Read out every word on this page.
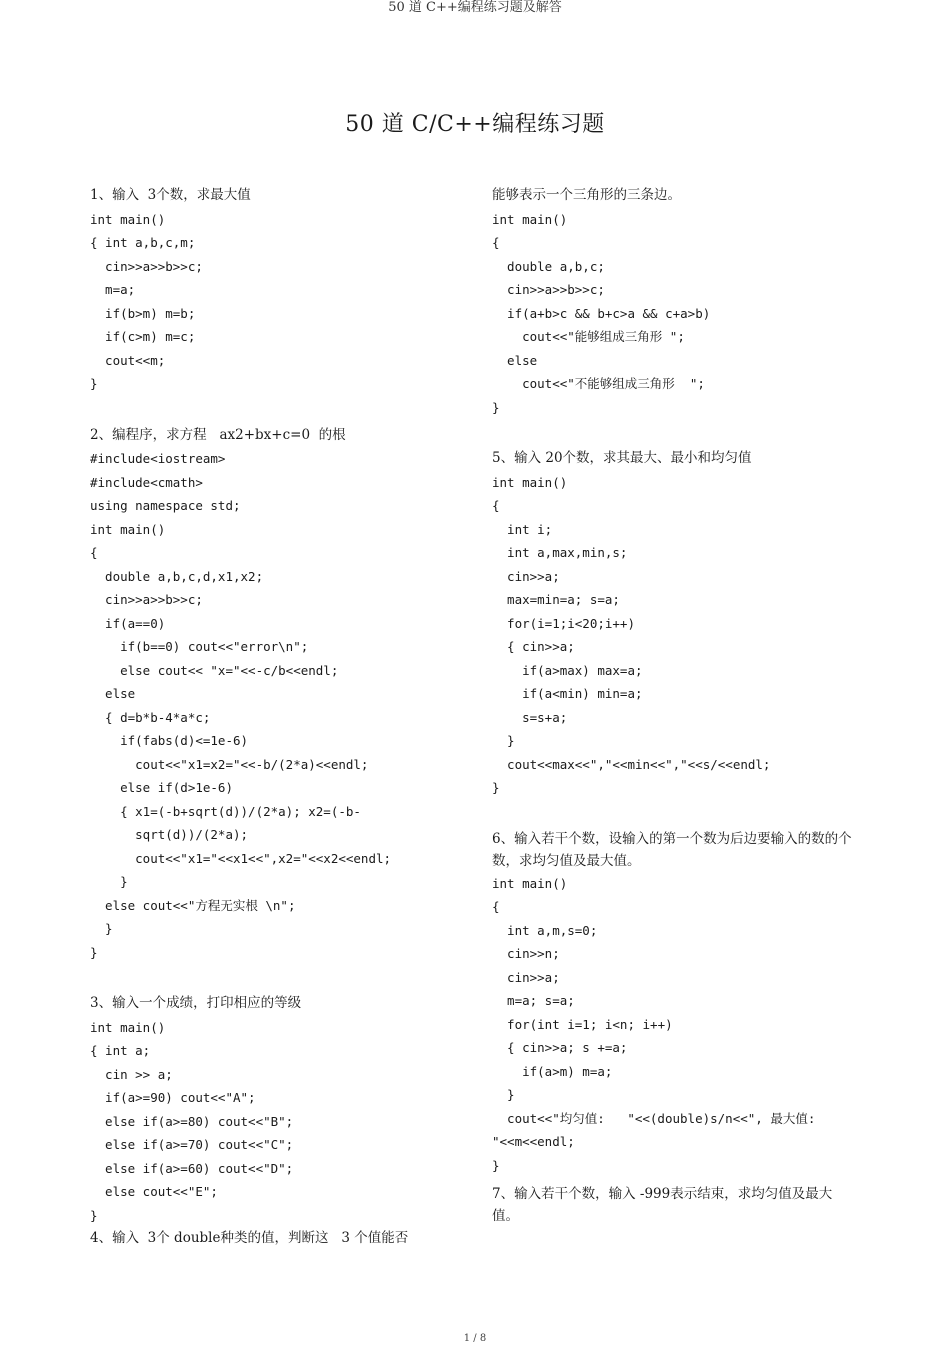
50 道 C++编程练习题及解答
50 道 C/C++编程练习题
1、输入  3个数，求最大值
int main()
{ int a,b,c,m;
cin>>a>>b>>c;
m=a;
if(b>m) m=b;
if(c>m) m=c;
cout<<m;
}
2、编程序，求方程   ax2+bx+c=0  的根
#include<iostream>
#include<cmath>
using namespace std;
int main()
{
double a,b,c,d,x1,x2;
cin>>a>>b>>c;
if(a==0)
if(b==0) cout<<"error\n";
else cout<< "x="<<-c/b<<endl;
else
{ d=b*b-4*a*c;
if(fabs(d)<=1e-6)
cout<<"x1=x2="<<-b/(2*a)<<endl;
else if(d>1e-6)
{ x1=(-b+sqrt(d))/(2*a); x2=(-b-
sqrt(d))/(2*a);
cout<<"x1="<<x1<<",x2="<<x2<<endl;
}
else cout<<"方程无实根 \n";
}
}
3、输入一个成绩，打印相应的等级
int main()
{ int a;
cin >> a;
if(a>=90) cout<<"A";
else if(a>=80) cout<<"B";
else if(a>=70) cout<<"C";
else if(a>=60) cout<<"D";
else cout<<"E";
}
4、输入  3个 double种类的值，判断这   3 个值能否
能够表示一个三角形的三条边。
int main()
{
double a,b,c;
cin>>a>>b>>c;
if(a+b>c && b+c>a && c+a>b)
cout<<"能够组成三角形 ";
else
cout<<"不能够组成三角形  ";
}
5、输入 20个数，求其最大、最小和均匀值
int main()
{
int i;
int a,max,min,s;
cin>>a;
max=min=a; s=a;
for(i=1;i<20;i++)
{ cin>>a;
if(a>max) max=a;
if(a<min) min=a;
s=s+a;
}
cout<<max<<","<<min<<","<<s/<<endl;
}
6、输入若干个数，设输入的第一个数为后边要输入的数的个数，求均匀值及最大值。
int main()
{
int a,m,s=0;
cin>>n;
cin>>a;
m=a; s=a;
for(int i=1; i<n; i++)
{ cin>>a; s +=a;
if(a>m) m=a;
}
cout<<"均匀值:   "<<(double)s/n<<", 最大值:
"<<m<<endl;
}
7、输入若干个数，输入 -999表示结束，求均匀值及最大值。
1 / 8
